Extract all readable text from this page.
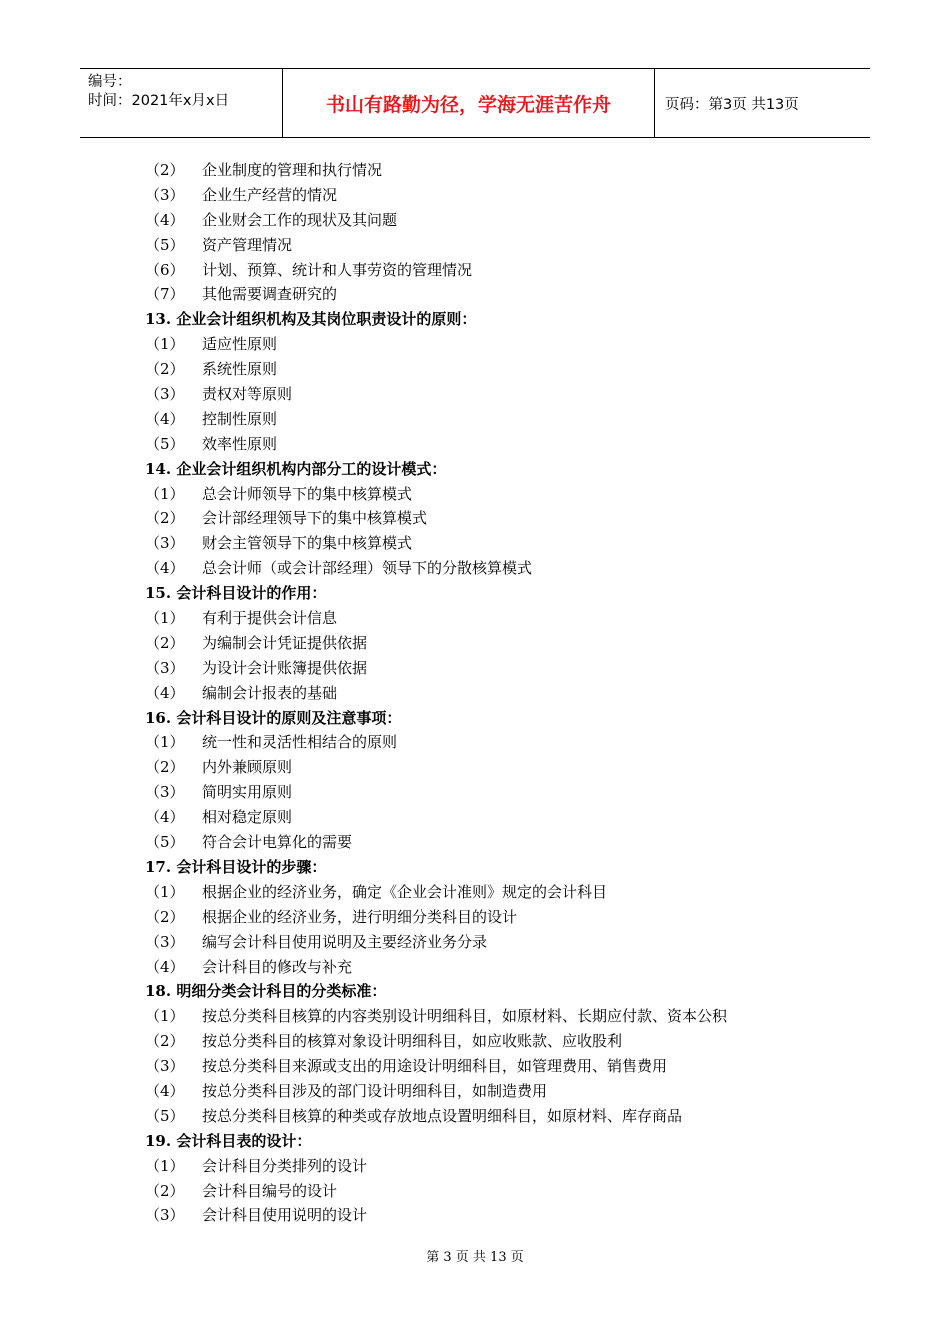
编号：
时间：2021年x月x日	书山有路勤为径，学海无涯苦作舟	页码：第3页 共13页
（2） 企业制度的管理和执行情况
（3） 企业生产经营的情况
（4） 企业财会工作的现状及其问题
（5） 资产管理情况
（6） 计划、预算、统计和人事劳资的管理情况
（7） 其他需要调查研究的
13. 企业会计组织机构及其岗位职责设计的原则：
（1） 适应性原则
（2） 系统性原则
（3） 责权对等原则
（4） 控制性原则
（5） 效率性原则
14. 企业会计组织机构内部分工的设计模式：
（1） 总会计师领导下的集中核算模式
（2） 会计部经理领导下的集中核算模式
（3） 财会主管领导下的集中核算模式
（4） 总会计师（或会计部经理）领导下的分散核算模式
15. 会计科目设计的作用：
（1） 有利于提供会计信息
（2） 为编制会计凭证提供依据
（3） 为设计会计账簿提供依据
（4） 编制会计报表的基础
16. 会计科目设计的原则及注意事项：
（1） 统一性和灵活性相结合的原则
（2） 内外兼顾原则
（3） 简明实用原则
（4） 相对稳定原则
（5） 符合会计电算化的需要
17. 会计科目设计的步骤：
（1） 根据企业的经济业务，确定《企业会计准则》规定的会计科目
（2） 根据企业的经济业务，进行明细分类科目的设计
（3） 编写会计科目使用说明及主要经济业务分录
（4） 会计科目的修改与补充
18. 明细分类会计科目的分类标准：
（1） 按总分类科目核算的内容类别设计明细科目，如原材料、长期应付款、资本公积
（2） 按总分类科目的核算对象设计明细科目，如应收账款、应收股利
（3） 按总分类科目来源或支出的用途设计明细科目，如管理费用、销售费用
（4） 按总分类科目涉及的部门设计明细科目，如制造费用
（5） 按总分类科目核算的种类或存放地点设置明细科目，如原材料、库存商品
19. 会计科目表的设计：
（1） 会计科目分类排列的设计
（2） 会计科目编号的设计
（3） 会计科目使用说明的设计
第 3 页 共 13 页
